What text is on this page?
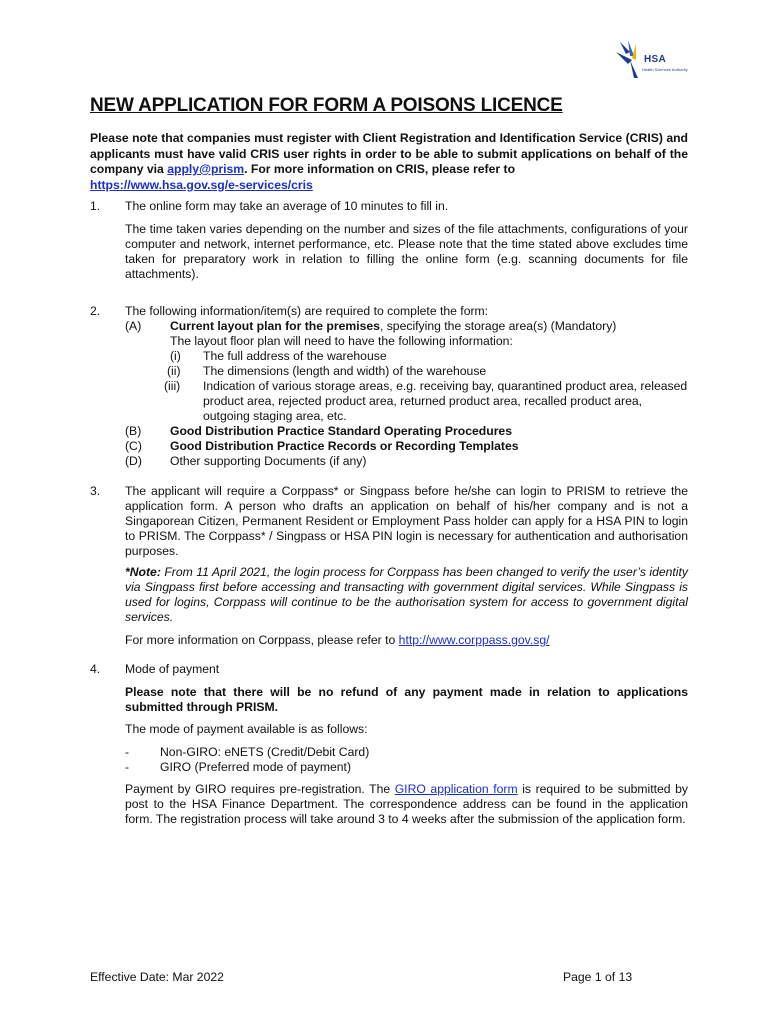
HSA
Health Sciences Authority
NEW APPLICATION FOR FORM A POISONS LICENCE

Please note that companies must register with Client Registration and Identification Service (CRIS) and applicants must have valid CRIS user rights in order to be able to submit applications on behalf of the company via apply@prism. For more information on CRIS, please refer to
https://www.hsa.gov.sg/e-services/cris

1. The online form may take an average of 10 minutes to fill in.

The time taken varies depending on the number and sizes of the file attachments, configurations of your computer and network, internet performance, etc. Please note that the time stated above excludes time taken for preparatory work in relation to filling the online form (e.g. scanning documents for file attachments).

2. The following information/item(s) are required to complete the form:

(A) Current layout plan for the premises, specifying the storage area(s) (Mandatory)
The layout floor plan will need to have the following information:
(i) The full address of the warehouse
(ii) The dimensions (length and width) of the warehouse
(iii) Indication of various storage areas, e.g. receiving bay, quarantined product area, released product area, rejected product area, returned product area, recalled product area, outgoing staging area, etc.
(B) Good Distribution Practice Standard Operating Procedures
(C) Good Distribution Practice Records or Recording Templates
(D) Other supporting Documents (if any)
3. The applicant will require a Corppass* or Singpass before he/she can login to PRISM to retrieve the application form. A person who drafts an application on behalf of his/her company and is not a Singaporean Citizen, Permanent Resident or Employment Pass holder can apply for a HSA PIN to login to PRISM. The Corppass* / Singpass or HSA PIN login is necessary for authentication and authorisation purposes.

*Note: From 11 April 2021, the login process for Corppass has been changed to verify the user’s identity via Singpass first before accessing and transacting with government digital services. While Singpass is used for logins, Corppass will continue to be the authorisation system for access to government digital services.

For more information on Corppass, please refer to http://www.corppass.gov.sg/

4. Mode of payment

Please note that there will be no refund of any payment made in relation to applications submitted through PRISM.

The mode of payment available is as follows:

-	Non-GIRO: eNETS (Credit/Debit Card)
-	GIRO (Preferred mode of payment)

Payment by GIRO requires pre-registration. The GIRO application form is required to be submitted by post to the HSA Finance Department. The correspondence address can be found in the application form. The registration process will take around 3 to 4 weeks after the submission of the application form.

Effective Date: Mar 2022	Page 1 of 13
